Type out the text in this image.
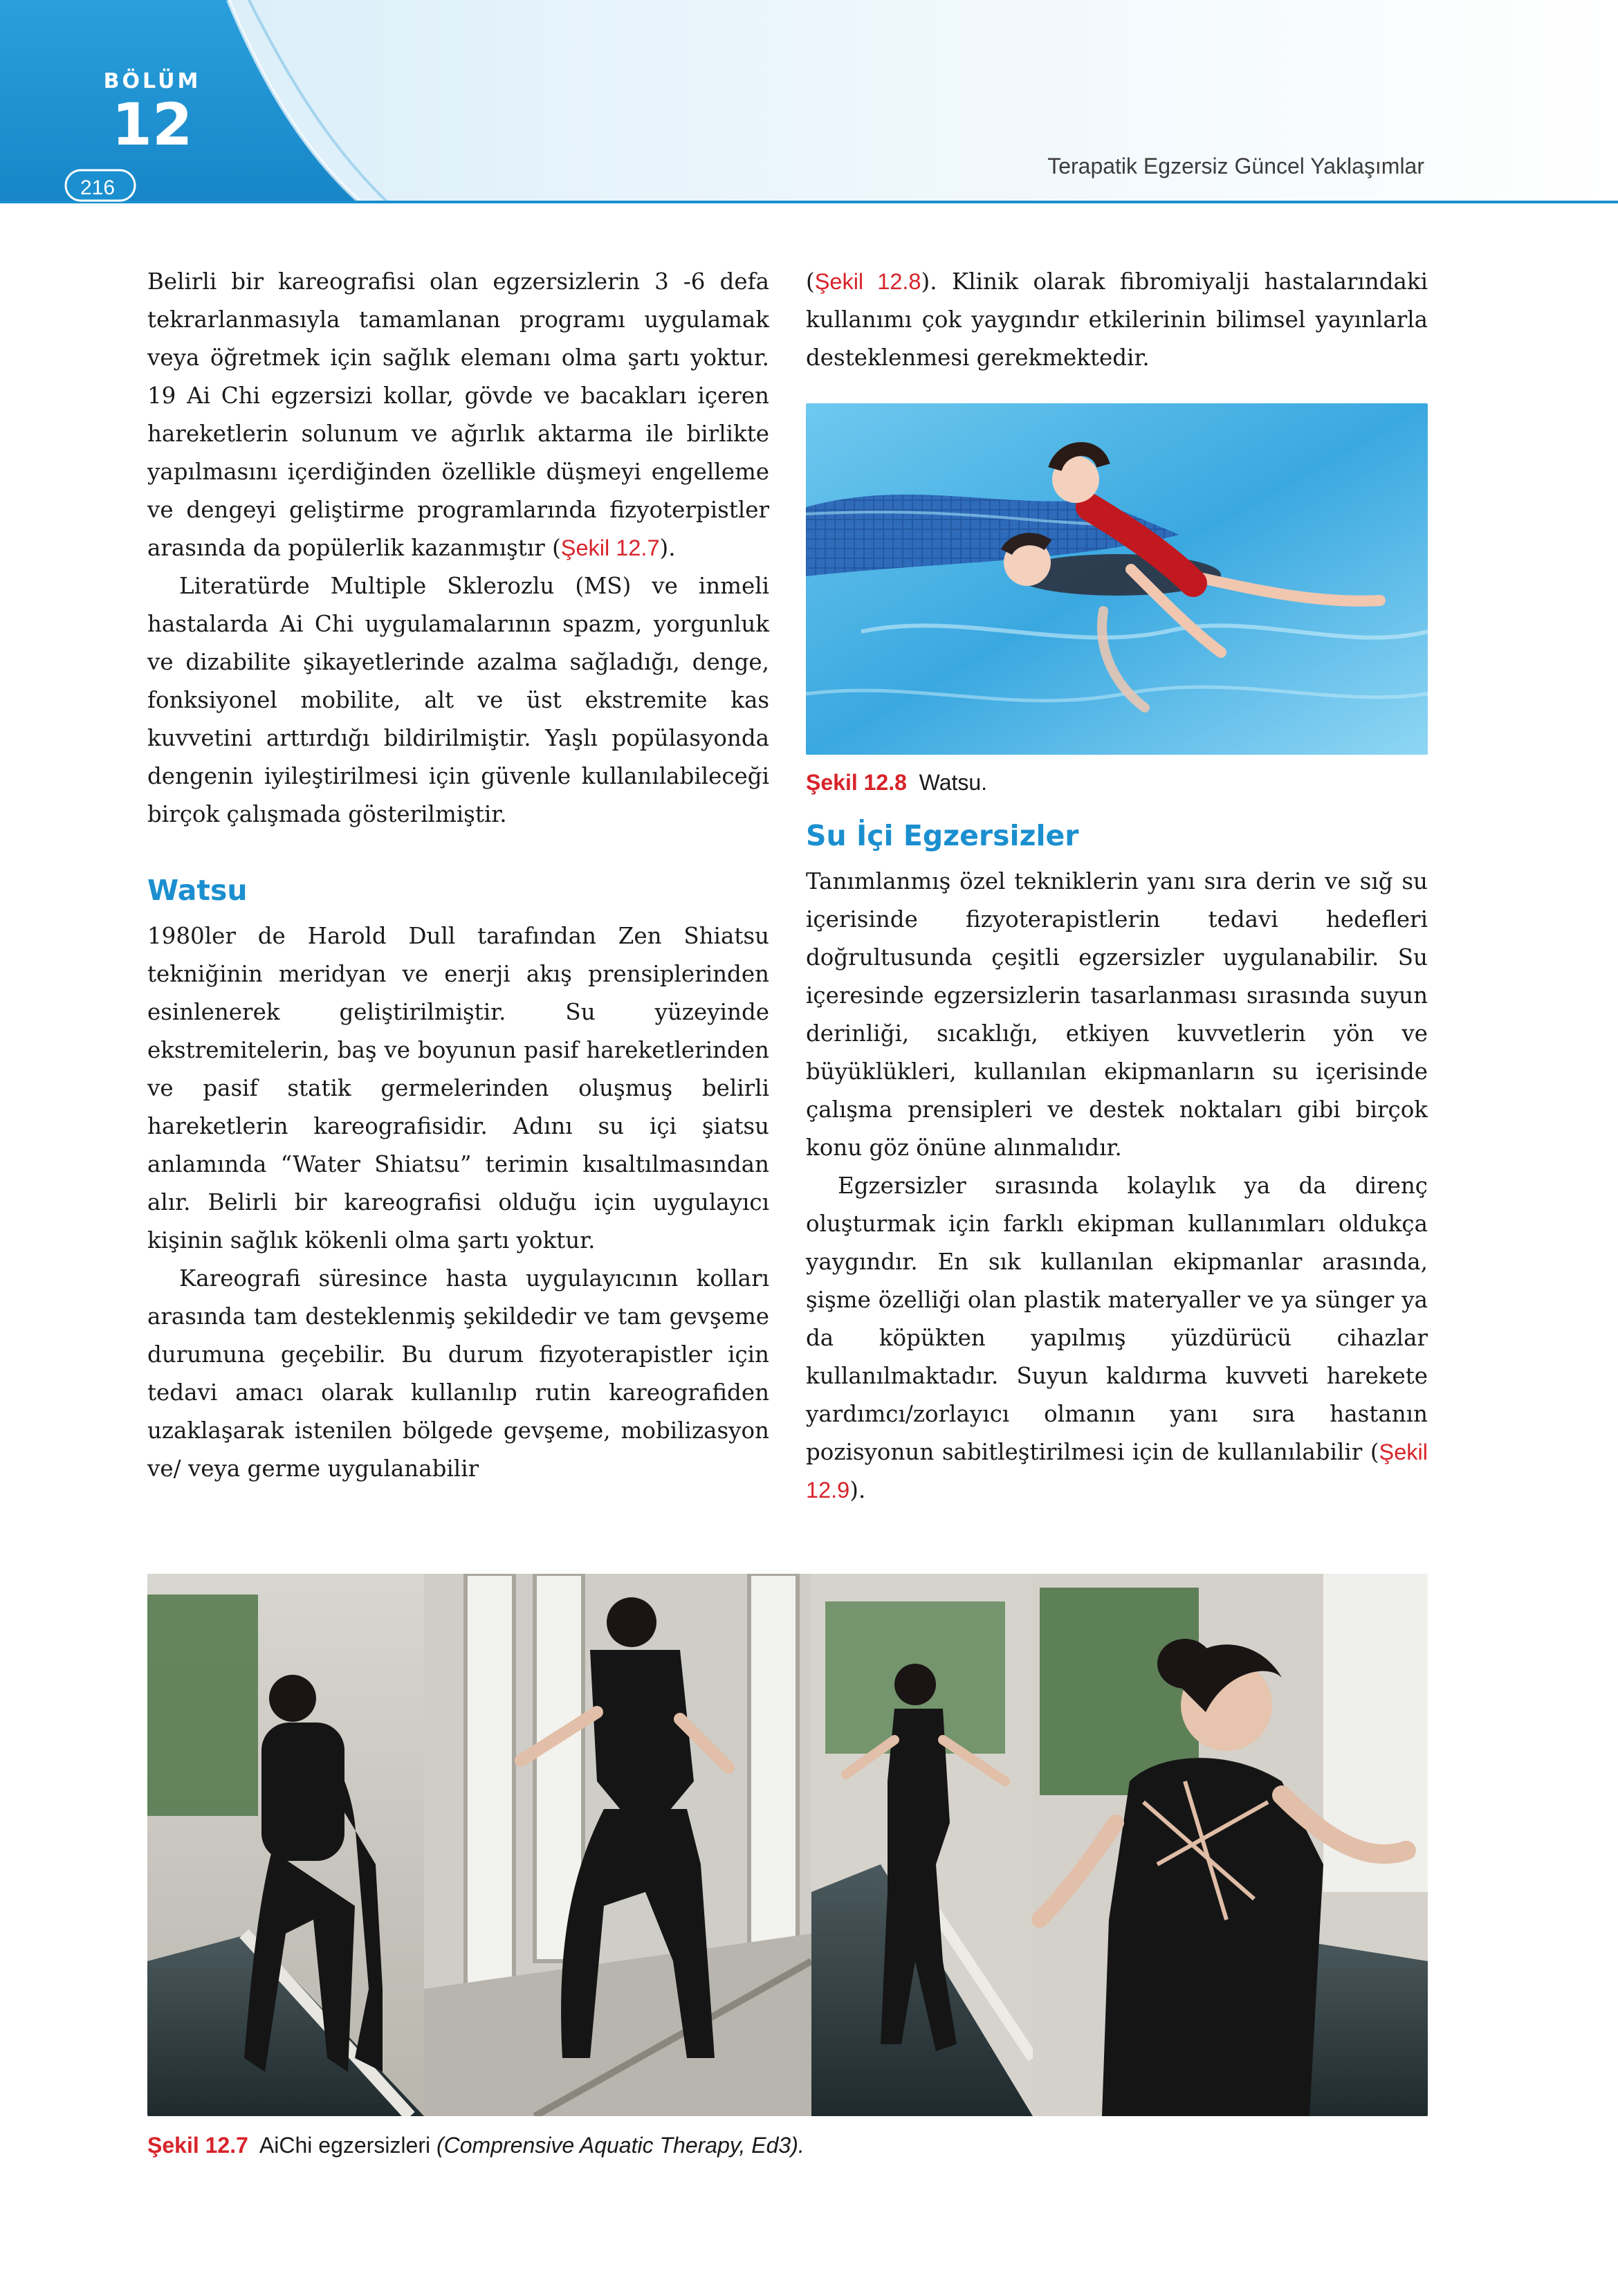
BÖLÜM
12
216
Terapatik Egzersiz Güncel Yaklaşımlar

Belirli bir kareografisi olan egzersizlerin 3 -6 defa tekrarlanmasıyla tamamlanan programı uygulamak veya öğretmek için sağlık elemanı olma şartı yoktur. 19 Ai Chi egzersizi kollar, gövde ve bacakları içeren hareketlerin solunum ve ağırlık aktarma ile birlikte yapılmasını içerdiğinden özellikle düşmeyi engelleme ve dengeyi geliştirme programlarında fizyoterpistler arasında da popülerlik kazanmıştır (Şekil 12.7).

Literatürde Multiple Sklerozlu (MS) ve inmeli hastalarda Ai Chi uygulamalarının spazm, yorgunluk ve dizabilite şikayetlerinde azalma sağladığı, denge, fonksiyonel mobilite, alt ve üst ekstremite kas kuvvetini arttırdığı bildirilmiştir. Yaşlı popülasyonda dengenin iyileştirilmesi için güvenle kullanılabileceği birçok çalışmada gösterilmiştir.

Watsu

1980ler de Harold Dull tarafından Zen Shiatsu tekniğinin meridyan ve enerji akış prensiplerinden esinlenerek geliştirilmiştir. Su yüzeyinde ekstremitelerin, baş ve boyunun pasif hareketlerinden ve pasif statik germelerinden oluşmuş belirli hareketlerin kareografisidir. Adını su içi şiatsu anlamında “Water Shiatsu” terimin kısaltılmasından alır. Belirli bir kareografisi olduğu için uygulayıcı kişinin sağlık kökenli olma şartı yoktur.

Kareografi süresince hasta uygulayıcının kolları arasında tam desteklenmiş şekildedir ve tam gevşeme durumuna geçebilir. Bu durum fizyoterapistler için tedavi amacı olarak kullanılıp rutin kareografiden uzaklaşarak istenilen bölgede gevşeme, mobilizasyon ve/ veya germe uygulanabilir

(Şekil 12.8). Klinik olarak fibromiyalji hastalarındaki kullanımı çok yaygındır etkilerinin bilimsel yayınlarla desteklenmesi gerekmektedir.

Şekil 12.8 Watsu.
Su İçi Egzersizler

Tanımlanmış özel tekniklerin yanı sıra derin ve sığ su içerisinde fizyoterapistlerin tedavi hedefleri doğrultusunda çeşitli egzersizler uygulanabilir. Su içeresinde egzersizlerin tasarlanması sırasında suyun derinliği, sıcaklığı, etkiyen kuvvetlerin yön ve büyüklükleri, kullanılan ekipmanların su içerisinde çalışma prensipleri ve destek noktaları gibi birçok konu göz önüne alınmalıdır.

Egzersizler sırasında kolaylık ya da direnç oluşturmak için farklı ekipman kullanımları oldukça yaygındır. En sık kullanılan ekipmanlar arasında, şişme özelliği olan plastik materyaller ve ya sünger ya da köpükten yapılmış yüzdürücü cihazlar kullanılmaktadır. Suyun kaldırma kuvveti harekete yardımcı/zorlayıcı olmanın yanı sıra hastanın pozisyonun sabitleştirilmesi için de kullanılabilir (Şekil 12.9).

Şekil 12.7 AiChi egzersizleri (Comprensive Aquatic Therapy, Ed3).
